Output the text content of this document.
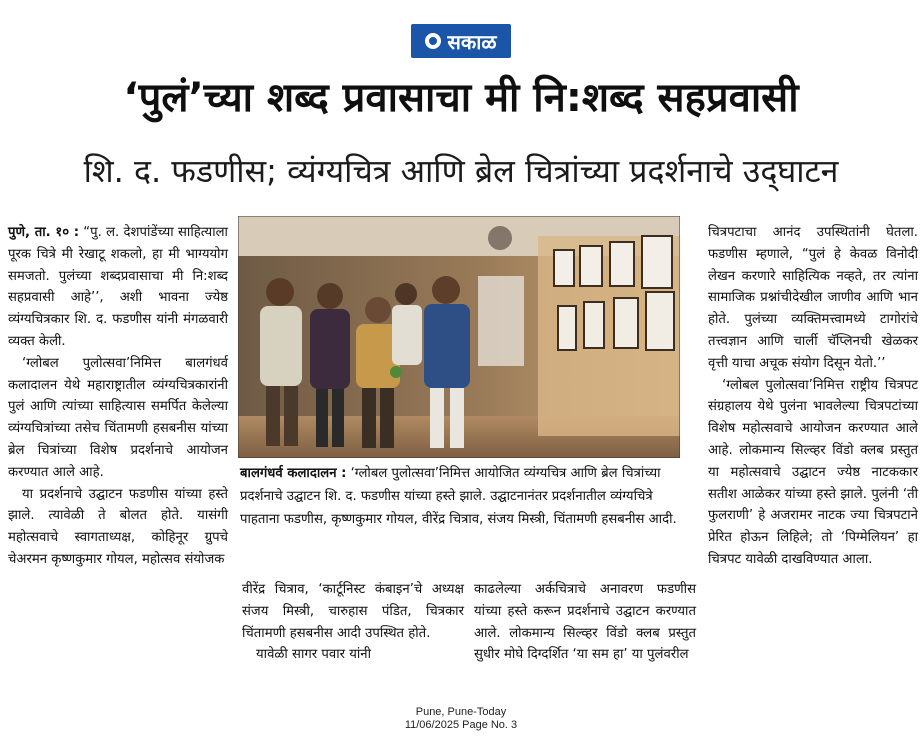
सकाळ
‘पुलं’च्या शब्द प्रवासाचा मी नि:शब्द सहप्रवासी
शि. द. फडणीस; व्यंग्यचित्र आणि ब्रेल चित्रांच्या प्रदर्शनाचे उद्‌घाटन

पुणे, ता. १० : “पु. ल. देशपांडेंच्या साहित्याला पूरक चित्रे मी रेखाटू शकलो, हा मी भाग्ययोग समजतो. पुलंच्या शब्दप्रवासाचा मी नि:शब्द सहप्रवासी आहे’’, अशी भावना ज्येष्ठ व्यंग्यचित्रकार शि. द. फडणीस यांनी मंगळवारी व्यक्त केली.

‘ग्लोबल पुलोत्सवा’निमित्त बालगंधर्व कलादालन येथे महाराष्ट्रातील व्यंग्यचित्रकारांनी पुलं आणि त्यांच्या साहित्यास समर्पित केलेल्या व्यंग्यचित्रांच्या तसेच चिंतामणी हसबनीस यांच्या ब्रेल चित्रांच्या विशेष प्रदर्शनाचे आयोजन करण्यात आले आहे.

या प्रदर्शनाचे उद्घाटन फडणीस यांच्या हस्ते झाले. त्यावेळी ते बोलत होते. यासंगी महोत्सवाचे स्वागताध्यक्ष, कोहिनूर ग्रुपचे चेअरमन कृष्णकुमार गोयल, महोत्सव संयोजक

बालगंधर्व कलादालन : ‘ग्लोबल पुलोत्सवा’निमित्त आयोजित व्यंग्यचित्र आणि ब्रेल चित्रांच्या प्रदर्शनाचे उद्घाटन शि. द. फडणीस यांच्या हस्ते झाले. उद्घाटनानंतर प्रदर्शनातील व्यंग्यचित्रे पाहताना फडणीस, कृष्णकुमार गोयल, वीरेंद्र चित्राव, संजय मिस्त्री, चिंतामणी हसबनीस आदी.

वीरेंद्र चित्राव, ‘कार्टूनिस्ट कंबाइन’चे अध्यक्ष संजय मिस्त्री, चारुहास पंडित, चित्रकार चिंतामणी हसबनीस आदी उपस्थित होते.

यावेळी सागर पवार यांनी

काढलेल्या अर्कचित्राचे अनावरण फडणीस यांच्या हस्ते करून प्रदर्शनाचे उद्घाटन करण्यात आले. लोकमान्य सिल्व्हर विंडो क्लब प्रस्तुत सुधीर मोघे दिग्दर्शित ‘या सम हा’ या पुलंवरील

चित्रपटाचा आनंद उपस्थितांनी घेतला. फडणीस म्हणाले, “पुलं हे केवळ विनोदी लेखन करणारे साहित्यिक नव्हते, तर त्यांना सामाजिक प्रश्नांचीदेखील जाणीव आणि भान होते. पुलंच्या व्यक्तिमत्त्वामध्ये टागोरांचे तत्त्वज्ञान आणि चार्ली चॅप्लिनची खेळकर वृत्ती याचा अचूक संयोग दिसून येतो.’’

‘ग्लोबल पुलोत्सवा’निमित्त राष्ट्रीय चित्रपट संग्रहालय येथे पुलंना भावलेल्या चित्रपटांच्या विशेष महोत्सवाचे आयोजन करण्यात आले आहे. लोकमान्य सिल्व्हर विंडो क्लब प्रस्तुत या महोत्सवाचे उद्घाटन ज्येष्ठ नाटककार सतीश आळेकर यांच्या हस्ते झाले. पुलंनी ‘ती फुलराणी’ हे अजरामर नाटक ज्या चित्रपटाने प्रेरित होऊन लिहिले; तो ‘पिग्मेलियन’ हा चित्रपट यावेळी दाखविण्यात आला.

Pune, Pune-Today
11/06/2025 Page No. 3
